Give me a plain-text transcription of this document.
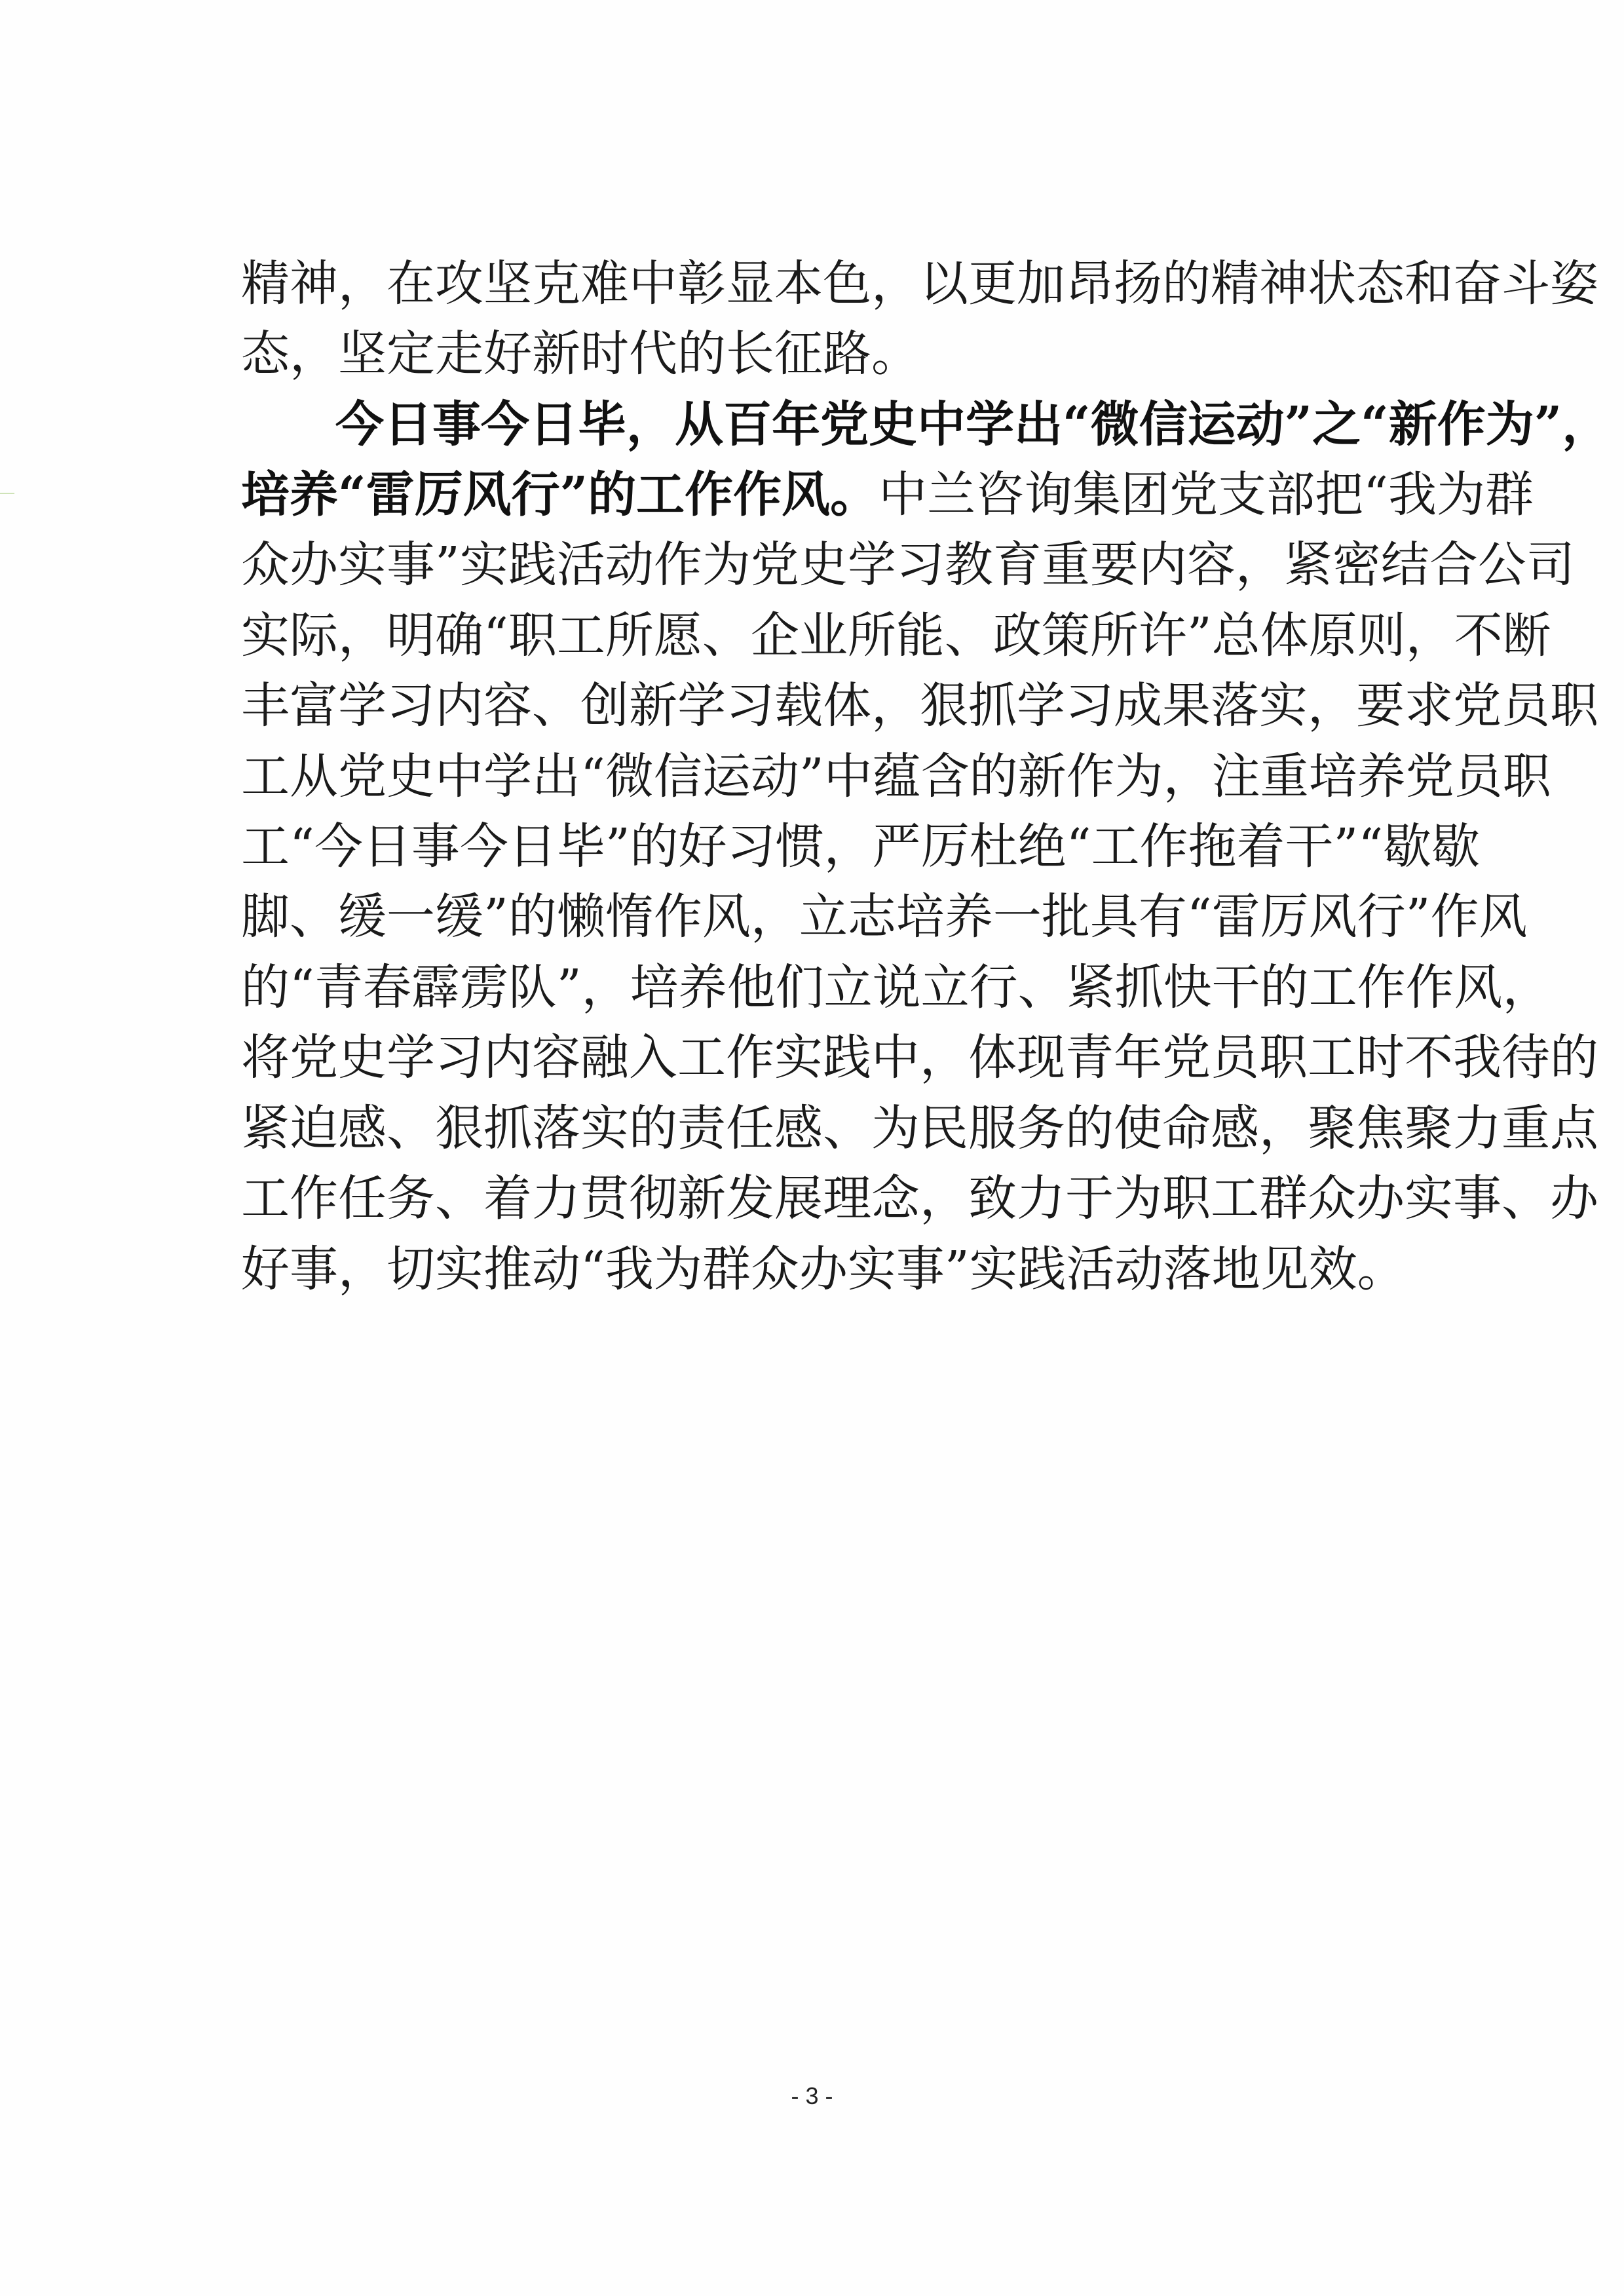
精神，在攻坚克难中彰显本色，以更加昂扬的精神状态和奋斗姿
态，坚定走好新时代的长征路。
今日事今日毕，从百年党史中学出“微信运动”之“新作为”，
培养“雷厉风行”的工作作风。中兰咨询集团党支部把“我为群
众办实事”实践活动作为党史学习教育重要内容，紧密结合公司
实际，明确“职工所愿、企业所能、政策所许”总体原则，不断
丰富学习内容、创新学习载体，狠抓学习成果落实，要求党员职
工从党史中学出“微信运动”中蕴含的新作为，注重培养党员职
工“今日事今日毕”的好习惯，严厉杜绝“工作拖着干”“歇歇
脚、缓一缓”的懒惰作风，立志培养一批具有“雷厉风行”作风
的“青春霹雳队”，培养他们立说立行、紧抓快干的工作作风，
将党史学习内容融入工作实践中，体现青年党员职工时不我待的
紧迫感、狠抓落实的责任感、为民服务的使命感，聚焦聚力重点
工作任务、着力贯彻新发展理念，致力于为职工群众办实事、办
好事，切实推动“我为群众办实事”实践活动落地见效。
- 3 -
